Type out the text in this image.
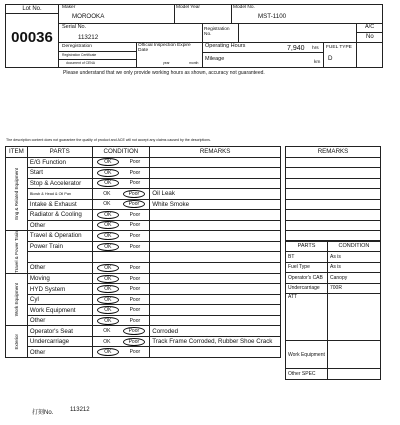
Lot No.
00036
Maker
MOROOKA
Model Year	Model No.
MST-1100
Serial No.
113212
Registration No.
A/C
No
Deregistration
Registration Certificate
document of CENA
Official Inspection Expire Date
year	month
Operating Hours	7,940 hrs
Mileage
km
FUEL TYPE
D
Please understand that we only provide working hours as shown, accuracy not guaranteed.
The description content does not guarantee the quality of product and ACE will not accept any claims caused by the descriptions.
ITEM	PARTS	CONDITION	REMARKS

Eng & Related Equipment	E/G Function	OK Poor	
	Start	OK Poor	
	Stop & Accelerator	OK Poor	
	Blowb & Head & Oil Pan	OK Poor	Oil Leak
	Intake & Exhaust	OK Poor	White Smoke
	Radiator & Cooling	OK Poor	
	Other	OK Poor	

Travel & Power Train	Travel & Operation	OK Poor	
	Power Train	OK Poor	

	Other	OK Poor	

Work Equipment	Moving	OK Poor	
	HYD System	OK Poor	
	Cyl	OK Poor	
	Work Equipment	OK Poor	
	Other	OK Poor	

Exterior	Operator's Seat	OK Poor	Corroded
	Undercarriage	OK Poor	Track Frame Corroded, Rubber Shoe Crack
	Other	OK Poor	
REMARKS

PARTS	CONDITION
BT	As is
Fuel Type	As is
Operator's CAB	Canopy
Undercarriage	700R
ATT	
Work Equipment	
Other SPEC	
打刻No.	113212
